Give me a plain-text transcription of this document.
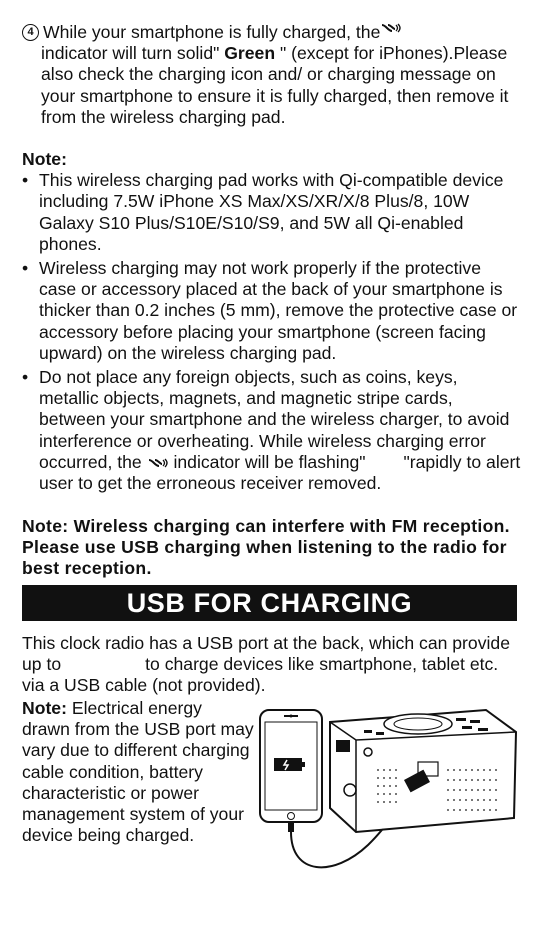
4 While your smartphone is fully charged, the
indicator will turn solid" Green " (except for iPhones).Please also check the charging icon and/ or charging message on your smartphone to ensure it is fully charged, then remove it from the wireless charging pad.
Note:
• This wireless charging pad works with Qi-compatible device including 7.5W iPhone XS Max/XS/XR/X/8 Plus/8, 10W Galaxy S10 Plus/S10E/S10/S9, and 5W all Qi-enabled phones.
• Wireless charging may not work properly if the protective case or accessory placed at the back of your smartphone is thicker than 0.2 inches (5 mm), remove the protective case or accessory before placing your smartphone (screen facing upward) on the wireless charging pad.
• Do not place any foreign objects, such as coins, keys, metallic objects, magnets, and magnetic stripe cards, between your smartphone and the wireless charger, to avoid interference or overheating. While wireless charging error occurred, the indicator will be flashing" "rapidly to alert user to get the erroneous receiver removed.
Note: Wireless charging can interfere with FM reception. Please use USB charging when listening to the radio for best reception.
USB FOR CHARGING
This clock radio has a USB port at the back, which can provide up to	to charge devices like smartphone, tablet etc. via a USB cable (not provided).
Note: Electrical energy drawn from the USB port may vary due to different charging cable condition, battery characteristic or power management system of your device being charged.
